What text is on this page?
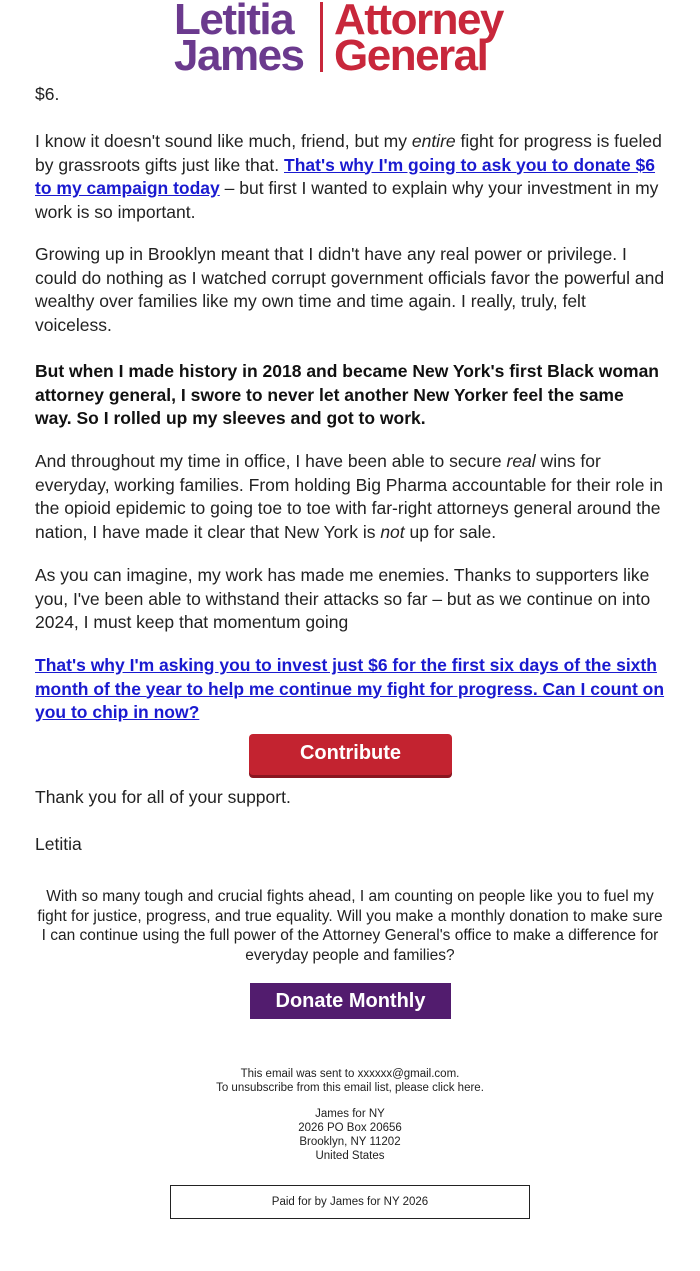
Letitia
James
Attorney
General

$6.

I know it doesn't sound like much, friend, but my entire fight for progress is fueled by grassroots gifts just like that. That's why I'm going to ask you to donate $6 to my campaign today – but first I wanted to explain why your investment in my work is so important.

Growing up in Brooklyn meant that I didn't have any real power or privilege. I could do nothing as I watched corrupt government officials favor the powerful and wealthy over families like my own time and time again. I really, truly, felt voiceless.

But when I made history in 2018 and became New York's first Black woman attorney general, I swore to never let another New Yorker feel the same way. So I rolled up my sleeves and got to work.

And throughout my time in office, I have been able to secure real wins for everyday, working families. From holding Big Pharma accountable for their role in the opioid epidemic to going toe to toe with far-right attorneys general around the nation, I have made it clear that New York is not up for sale.

As you can imagine, my work has made me enemies. Thanks to supporters like you, I've been able to withstand their attacks so far – but as we continue on into 2024, I must keep that momentum going

That's why I'm asking you to invest just $6 for the first six days of the sixth month of the year to help me continue my fight for progress. Can I count on you to chip in now?

Contribute

Thank you for all of your support.

Letitia

With so many tough and crucial fights ahead, I am counting on people like you to fuel my fight for justice, progress, and true equality. Will you make a monthly donation to make sure I can continue using the full power of the Attorney General's office to make a difference for everyday people and families?
Donate Monthly
This email was sent to xxxxxx@gmail.com.
To unsubscribe from this email list, please click here.
James for NY
2026 PO Box 20656
Brooklyn, NY 11202
United States
Paid for by James for NY 2026
